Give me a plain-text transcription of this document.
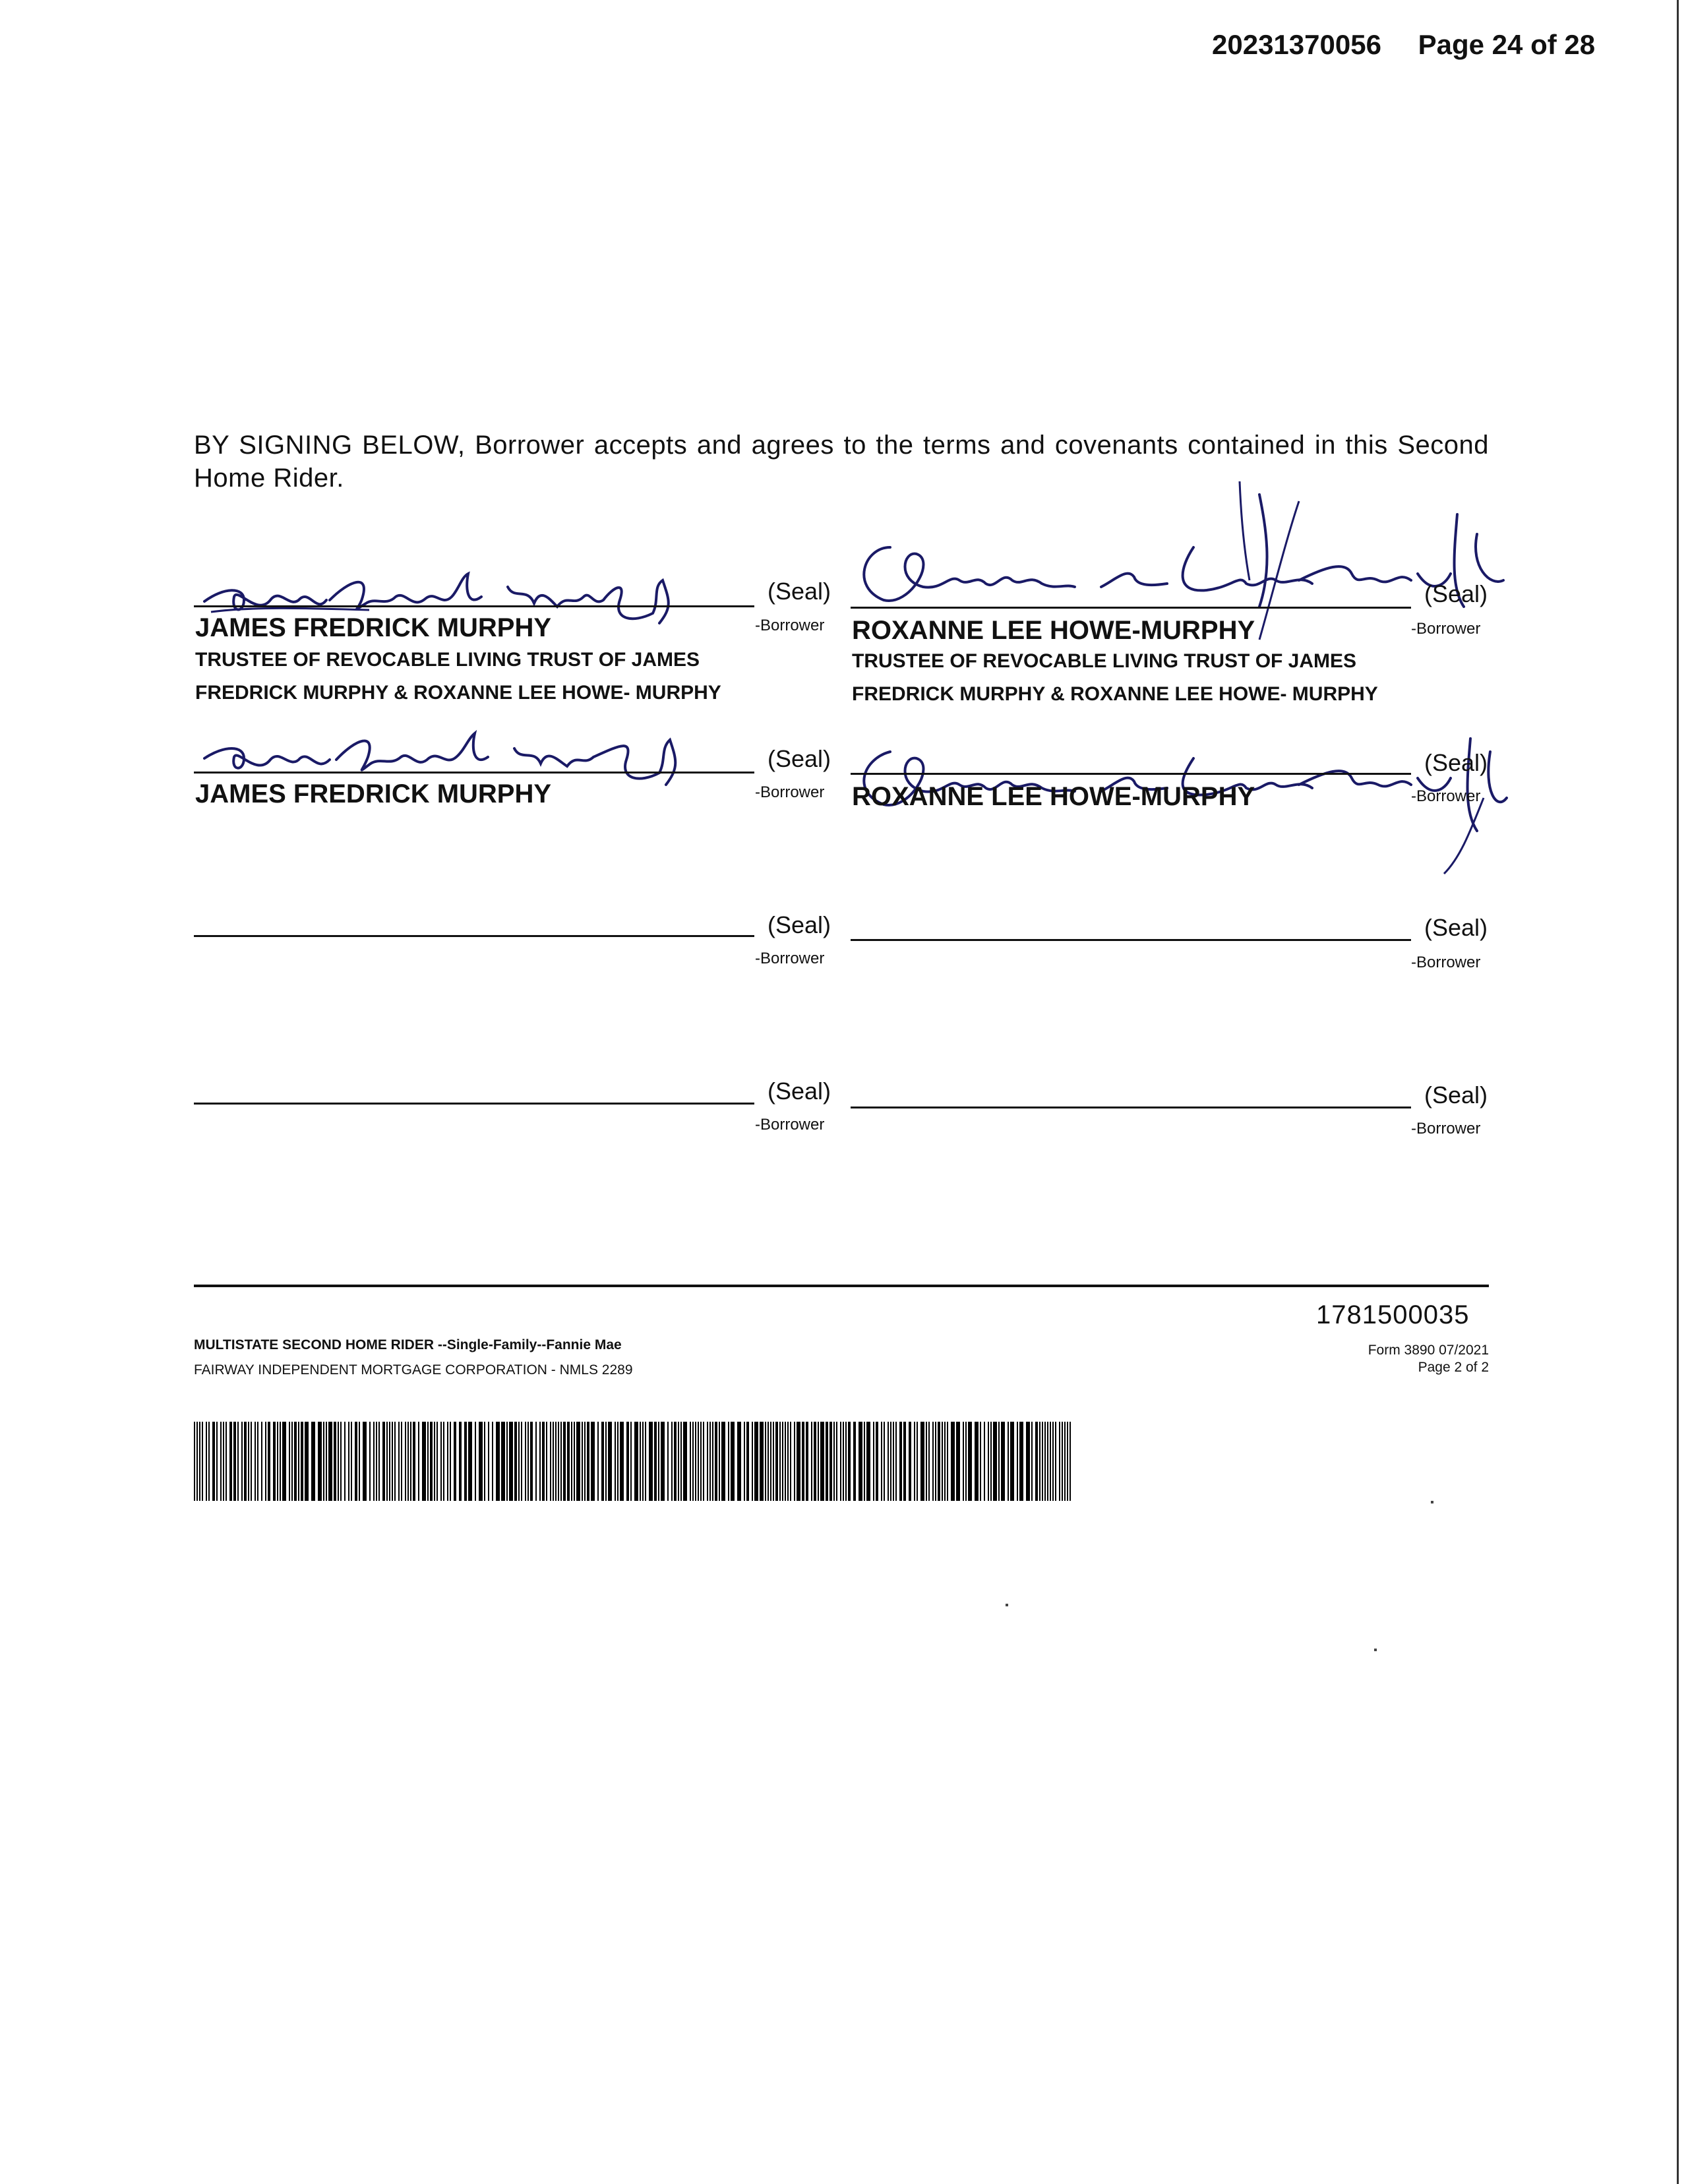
20231370056 Page 24 of 28
BY SIGNING BELOW, Borrower accepts and agrees to the terms and covenants contained in this Second Home Rider.
(Seal)
-Borrower
JAMES FREDRICK MURPHY
TRUSTEE OF REVOCABLE LIVING TRUST OF JAMES
FREDRICK MURPHY & ROXANNE LEE HOWE- MURPHY
(Seal)
-Borrower
ROXANNE LEE HOWE-MURPHY
TRUSTEE OF REVOCABLE LIVING TRUST OF JAMES
FREDRICK MURPHY & ROXANNE LEE HOWE- MURPHY
(Seal)
-Borrower
JAMES FREDRICK MURPHY
(Seal)
-Borrower
ROXANNE LEE HOWE-MURPHY
(Seal)
-Borrower
(Seal)
-Borrower
(Seal)
-Borrower
(Seal)
-Borrower
1781500035
MULTISTATE SECOND HOME RIDER --Single-Family--Fannie Mae
FAIRWAY INDEPENDENT MORTGAGE CORPORATION - NMLS 2289
Form 3890 07/2021
Page 2 of 2
